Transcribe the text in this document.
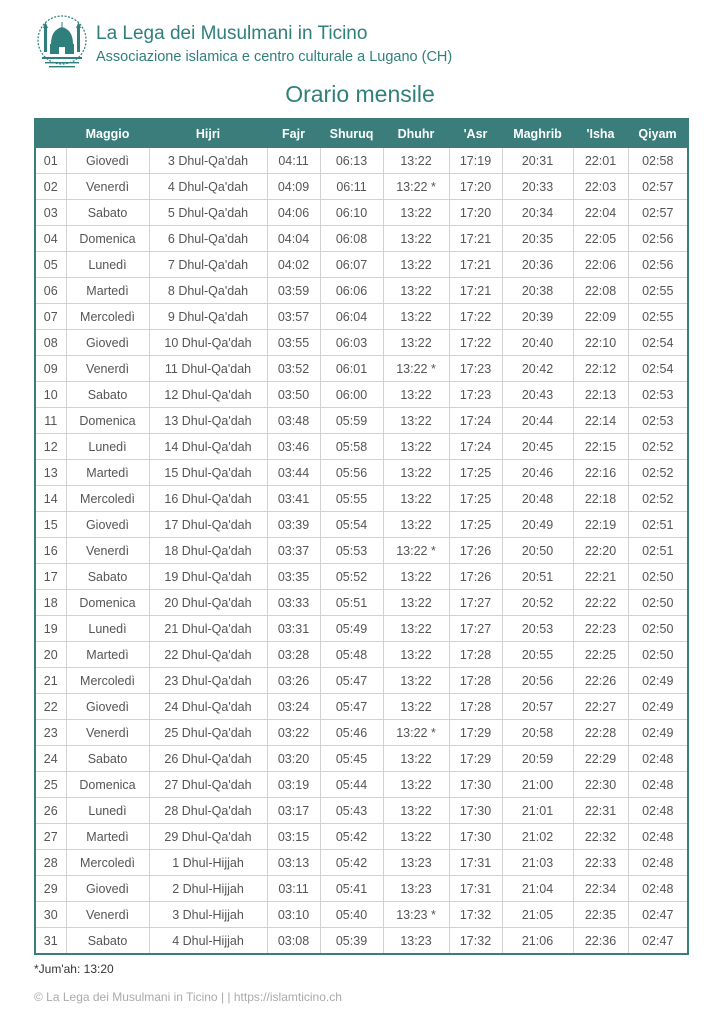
La Lega dei Musulmani in Ticino
Associazione islamica e centro culturale a Lugano (CH)
Orario mensile
	Maggio	Hijri	Fajr	Shuruq	Dhuhr	'Asr	Maghrib	'Isha	Qiyam
01	Giovedì	3 Dhul-Qa'dah	04:11	06:13	13:22	17:19	20:31	22:01	02:58
02	Venerdì	4 Dhul-Qa'dah	04:09	06:11	13:22 *	17:20	20:33	22:03	02:57
03	Sabato	5 Dhul-Qa'dah	04:06	06:10	13:22	17:20	20:34	22:04	02:57
04	Domenica	6 Dhul-Qa'dah	04:04	06:08	13:22	17:21	20:35	22:05	02:56
05	Lunedì	7 Dhul-Qa'dah	04:02	06:07	13:22	17:21	20:36	22:06	02:56
06	Martedì	8 Dhul-Qa'dah	03:59	06:06	13:22	17:21	20:38	22:08	02:55
07	Mercoledì	9 Dhul-Qa'dah	03:57	06:04	13:22	17:22	20:39	22:09	02:55
08	Giovedì	10 Dhul-Qa'dah	03:55	06:03	13:22	17:22	20:40	22:10	02:54
09	Venerdì	11 Dhul-Qa'dah	03:52	06:01	13:22 *	17:23	20:42	22:12	02:54
10	Sabato	12 Dhul-Qa'dah	03:50	06:00	13:22	17:23	20:43	22:13	02:53
11	Domenica	13 Dhul-Qa'dah	03:48	05:59	13:22	17:24	20:44	22:14	02:53
12	Lunedì	14 Dhul-Qa'dah	03:46	05:58	13:22	17:24	20:45	22:15	02:52
13	Martedì	15 Dhul-Qa'dah	03:44	05:56	13:22	17:25	20:46	22:16	02:52
14	Mercoledì	16 Dhul-Qa'dah	03:41	05:55	13:22	17:25	20:48	22:18	02:52
15	Giovedì	17 Dhul-Qa'dah	03:39	05:54	13:22	17:25	20:49	22:19	02:51
16	Venerdì	18 Dhul-Qa'dah	03:37	05:53	13:22 *	17:26	20:50	22:20	02:51
17	Sabato	19 Dhul-Qa'dah	03:35	05:52	13:22	17:26	20:51	22:21	02:50
18	Domenica	20 Dhul-Qa'dah	03:33	05:51	13:22	17:27	20:52	22:22	02:50
19	Lunedì	21 Dhul-Qa'dah	03:31	05:49	13:22	17:27	20:53	22:23	02:50
20	Martedì	22 Dhul-Qa'dah	03:28	05:48	13:22	17:28	20:55	22:25	02:50
21	Mercoledì	23 Dhul-Qa'dah	03:26	05:47	13:22	17:28	20:56	22:26	02:49
22	Giovedì	24 Dhul-Qa'dah	03:24	05:47	13:22	17:28	20:57	22:27	02:49
23	Venerdì	25 Dhul-Qa'dah	03:22	05:46	13:22 *	17:29	20:58	22:28	02:49
24	Sabato	26 Dhul-Qa'dah	03:20	05:45	13:22	17:29	20:59	22:29	02:48
25	Domenica	27 Dhul-Qa'dah	03:19	05:44	13:22	17:30	21:00	22:30	02:48
26	Lunedì	28 Dhul-Qa'dah	03:17	05:43	13:22	17:30	21:01	22:31	02:48
27	Martedì	29 Dhul-Qa'dah	03:15	05:42	13:22	17:30	21:02	22:32	02:48
28	Mercoledì	1 Dhul-Hijjah	03:13	05:42	13:23	17:31	21:03	22:33	02:48
29	Giovedì	2 Dhul-Hijjah	03:11	05:41	13:23	17:31	21:04	22:34	02:48
30	Venerdì	3 Dhul-Hijjah	03:10	05:40	13:23 *	17:32	21:05	22:35	02:47
31	Sabato	4 Dhul-Hijjah	03:08	05:39	13:23	17:32	21:06	22:36	02:47
*Jum'ah: 13:20
© La Lega dei Musulmani in Ticino | | https://islamticino.ch
